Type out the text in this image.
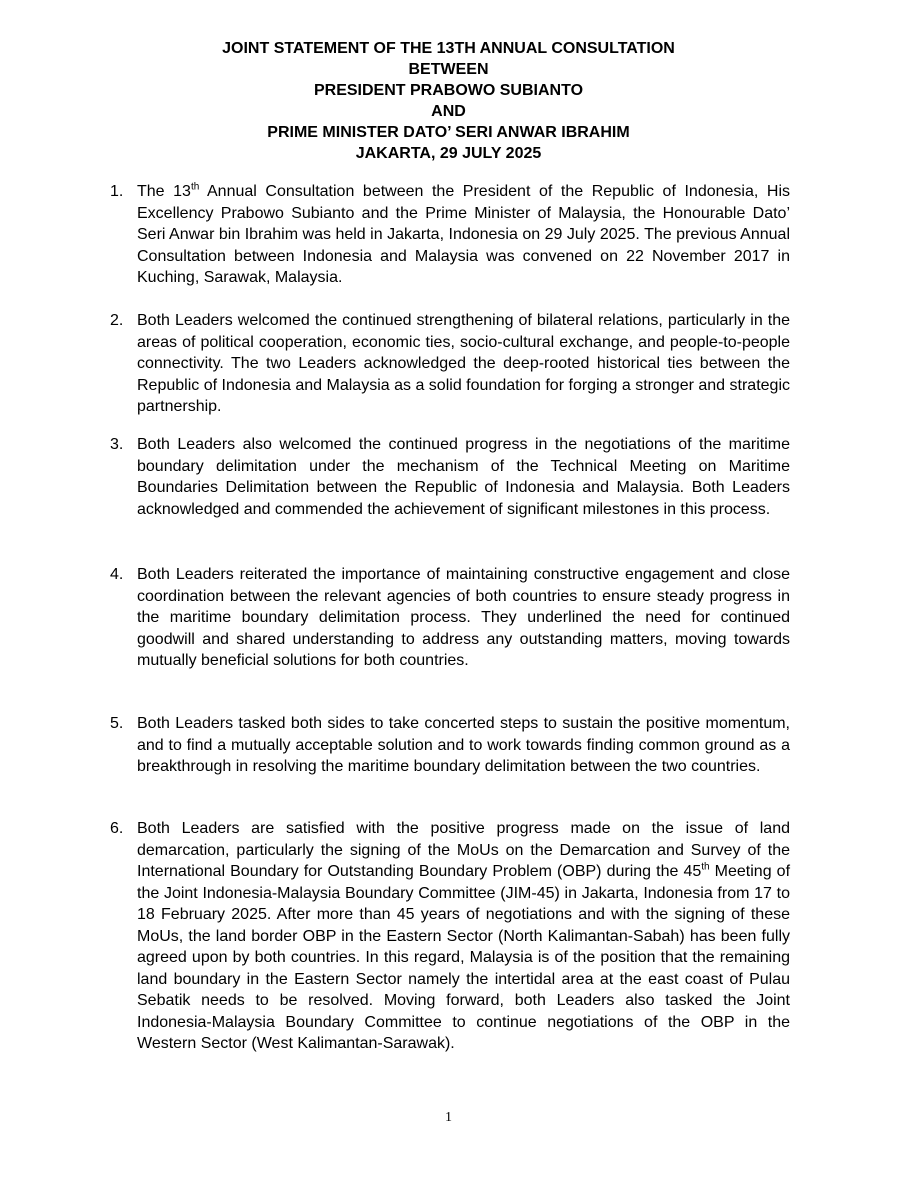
JOINT STATEMENT OF THE 13TH ANNUAL CONSULTATION
BETWEEN
PRESIDENT PRABOWO SUBIANTO
AND
PRIME MINISTER DATO’ SERI ANWAR IBRAHIM
JAKARTA, 29 JULY 2025
1. The 13th Annual Consultation between the President of the Republic of Indonesia, His Excellency Prabowo Subianto and the Prime Minister of Malaysia, the Honourable Dato’ Seri Anwar bin Ibrahim was held in Jakarta, Indonesia on 29 July 2025. The previous Annual Consultation between Indonesia and Malaysia was convened on 22 November 2017 in Kuching, Sarawak, Malaysia.
2. Both Leaders welcomed the continued strengthening of bilateral relations, particularly in the areas of political cooperation, economic ties, socio-cultural exchange, and people-to-people connectivity. The two Leaders acknowledged the deep-rooted historical ties between the Republic of Indonesia and Malaysia as a solid foundation for forging a stronger and strategic partnership.
3. Both Leaders also welcomed the continued progress in the negotiations of the maritime boundary delimitation under the mechanism of the Technical Meeting on Maritime Boundaries Delimitation between the Republic of Indonesia and Malaysia. Both Leaders acknowledged and commended the achievement of significant milestones in this process.
4. Both Leaders reiterated the importance of maintaining constructive engagement and close coordination between the relevant agencies of both countries to ensure steady progress in the maritime boundary delimitation process. They underlined the need for continued goodwill and shared understanding to address any outstanding matters, moving towards mutually beneficial solutions for both countries.
5. Both Leaders tasked both sides to take concerted steps to sustain the positive momentum, and to find a mutually acceptable solution and to work towards finding common ground as a breakthrough in resolving the maritime boundary delimitation between the two countries.
6. Both Leaders are satisfied with the positive progress made on the issue of land demarcation, particularly the signing of the MoUs on the Demarcation and Survey of the International Boundary for Outstanding Boundary Problem (OBP) during the 45th Meeting of the Joint Indonesia-Malaysia Boundary Committee (JIM-45) in Jakarta, Indonesia from 17 to 18 February 2025. After more than 45 years of negotiations and with the signing of these MoUs, the land border OBP in the Eastern Sector (North Kalimantan-Sabah) has been fully agreed upon by both countries. In this regard, Malaysia is of the position that the remaining land boundary in the Eastern Sector namely the intertidal area at the east coast of Pulau Sebatik needs to be resolved. Moving forward, both Leaders also tasked the Joint Indonesia-Malaysia Boundary Committee to continue negotiations of the OBP in the Western Sector (West Kalimantan-Sarawak).
1
